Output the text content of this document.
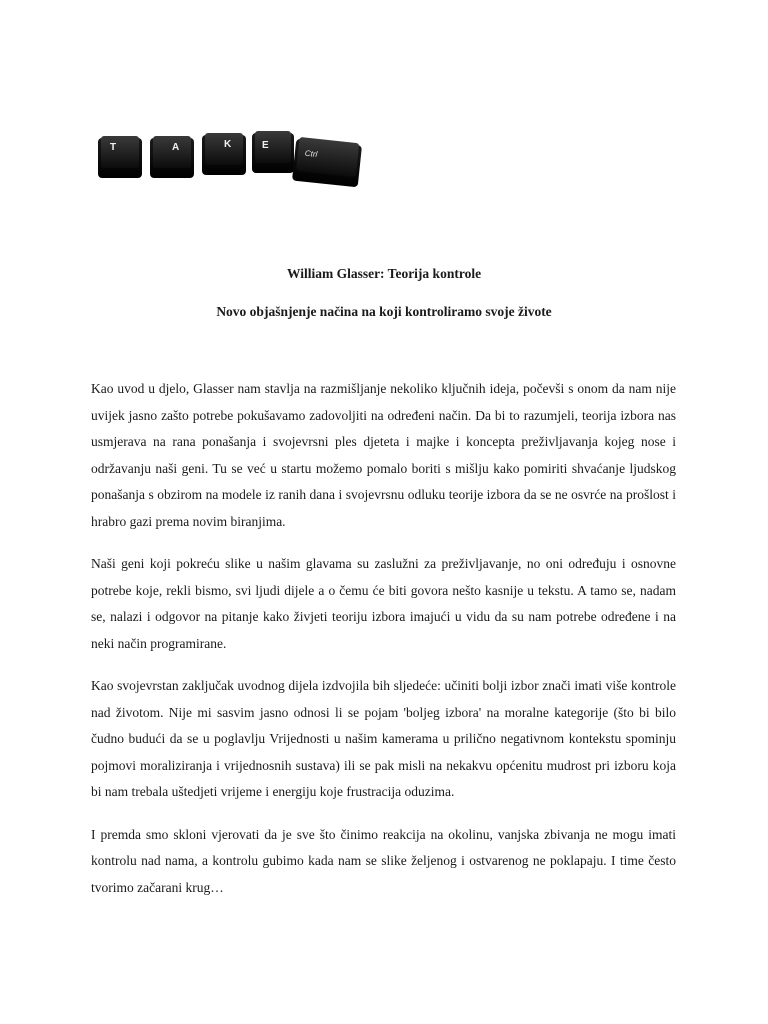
T	A	K	E
Ctrl
William Glasser: Teorija kontrole
Novo objašnjenje načina na koji kontroliramo svoje živote

Kao uvod u djelo, Glasser nam stavlja na razmišljanje nekoliko ključnih ideja, počevši s onom da nam nije uvijek jasno zašto potrebe pokušavamo zadovoljiti na određeni način. Da bi to razumjeli, teorija izbora nas usmjerava na rana ponašanja i svojevrsni ples djeteta i majke i koncepta preživljavanja kojeg nose i održavanju naši geni. Tu se već u startu možemo pomalo boriti s mišlju kako pomiriti shvaćanje ljudskog ponašanja s obzirom na modele iz ranih dana i svojevrsnu odluku teorije izbora da se ne osvrće na prošlost i hrabro gazi prema novim biranjima.

Naši geni koji pokreću slike u našim glavama su zaslužni za preživljavanje, no oni određuju i osnovne potrebe koje, rekli bismo, svi ljudi dijele a o čemu će biti govora nešto kasnije u tekstu. A tamo se, nadam se, nalazi i odgovor na pitanje kako živjeti teoriju izbora imajući u vidu da su nam potrebe određene i na neki način programirane.

Kao svojevrstan zaključak uvodnog dijela izdvojila bih sljedeće: učiniti bolji izbor znači imati više kontrole nad životom. Nije mi sasvim jasno odnosi li se pojam 'boljeg izbora' na moralne kategorije (što bi bilo čudno budući da se u poglavlju Vrijednosti u našim kamerama u prilično negativnom kontekstu spominju pojmovi moraliziranja i vrijednosnih sustava) ili se pak misli na nekakvu općenitu mudrost pri izboru koja bi nam trebala uštedjeti vrijeme i energiju koje frustracija oduzima.

I premda smo skloni vjerovati da je sve što činimo reakcija na okolinu, vanjska zbivanja ne mogu imati kontrolu nad nama, a kontrolu gubimo kada nam se slike željenog i ostvarenog ne poklapaju. I time često tvorimo začarani krug…
